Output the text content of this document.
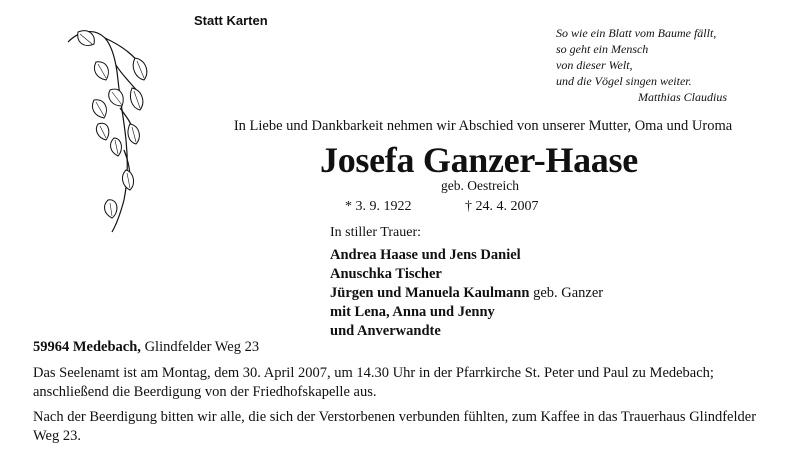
Statt Karten
So wie ein Blatt vom Baume fällt,
so geht ein Mensch
von dieser Welt,
und die Vögel singen weiter.
Matthias Claudius
In Liebe und Dankbarkeit nehmen wir Abschied von unserer Mutter, Oma und Uroma
Josefa Ganzer-Haase
geb. Oestreich
* 3. 9. 1922	† 24. 4. 2007
In stiller Trauer:
Andrea Haase und Jens Daniel
Anuschka Tischer
Jürgen und Manuela Kaulmann geb. Ganzer
mit Lena, Anna und Jenny
und Anverwandte
59964 Medebach, Glindfelder Weg 23
Das Seelenamt ist am Montag, dem 30. April 2007, um 14.30 Uhr in der Pfarrkirche St. Peter und Paul zu Medebach; anschließend die Beerdigung von der Friedhofskapelle aus.
Nach der Beerdigung bitten wir alle, die sich der Verstorbenen verbunden fühlten, zum Kaffee in das Trauerhaus Glindfelder Weg 23.
